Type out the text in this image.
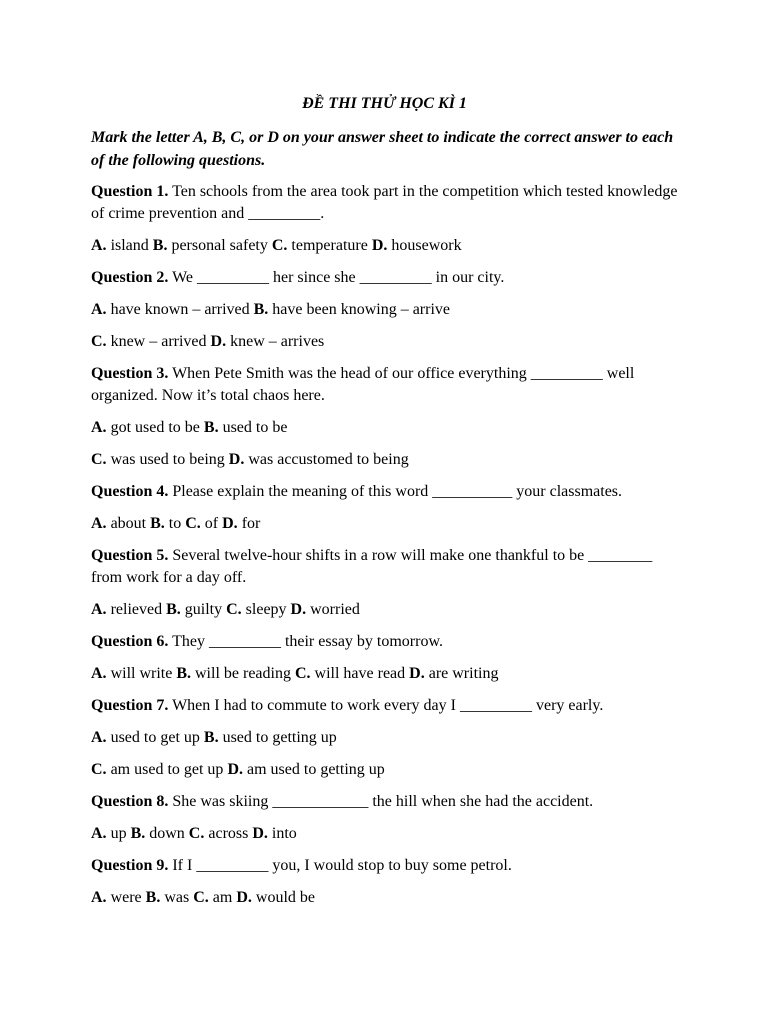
ĐỀ THI THỬ HỌC KÌ 1
Mark the letter A, B, C, or D on your answer sheet to indicate the correct answer to each of the following questions.

Question 1. Ten schools from the area took part in the competition which tested knowledge of crime prevention and _________.

A. island B. personal safety C. temperature D. housework

Question 2. We _________ her since she _________ in our city.

A. have known – arrived B. have been knowing – arrive

C. knew – arrived D. knew – arrives

Question 3. When Pete Smith was the head of our office everything _________ well organized. Now it’s total chaos here.

A. got used to be B. used to be

C. was used to being D. was accustomed to being

Question 4. Please explain the meaning of this word __________ your classmates.

A. about B. to C. of D. for

Question 5. Several twelve-hour shifts in a row will make one thankful to be ________ from work for a day off.

A. relieved B. guilty C. sleepy D. worried

Question 6. They _________ their essay by tomorrow.

A. will write B. will be reading C. will have read D. are writing

Question 7. When I had to commute to work every day I _________ very early.

A. used to get up B. used to getting up

C. am used to get up D. am used to getting up

Question 8. She was skiing ____________ the hill when she had the accident.

A. up B. down C. across D. into

Question 9. If I _________ you, I would stop to buy some petrol.

A. were B. was C. am D. would be
